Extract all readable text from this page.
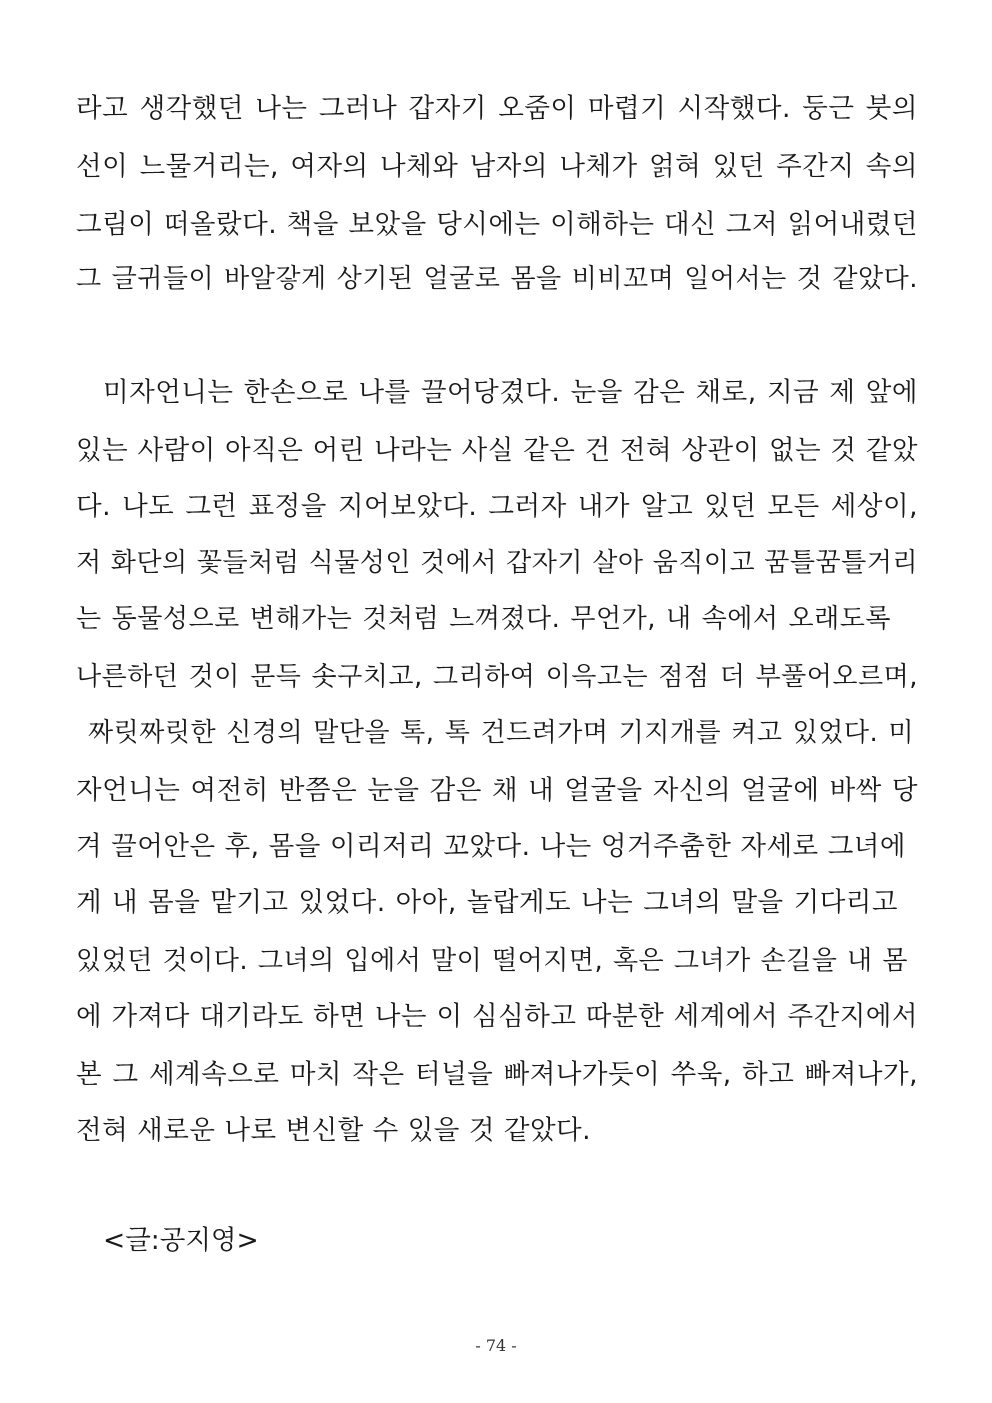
라고 생각했던 나는 그러나 갑자기 오줌이 마렵기 시작했다. 둥근 붓의
선이 느물거리는, 여자의 나체와 남자의 나체가 얽혀 있던 주간지 속의
그림이 떠올랐다. 책을 보았을 당시에는 이해하는 대신 그저 읽어내렸던
그 글귀들이 바알갛게 상기된 얼굴로 몸을 비비꼬며 일어서는 것 같았다.
미자언니는 한손으로 나를 끌어당겼다. 눈을 감은 채로, 지금 제 앞에
있는 사람이 아직은 어린 나라는 사실 같은 건 전혀 상관이 없는 것 같았
다. 나도 그런 표정을 지어보았다. 그러자 내가 알고 있던 모든 세상이,
저 화단의 꽃들처럼 식물성인 것에서 갑자기 살아 움직이고 꿈틀꿈틀거리
는 동물성으로 변해가는 것처럼 느껴졌다. 무언가, 내 속에서 오래도록
나른하던 것이 문득 솟구치고, 그리하여 이윽고는 점점 더 부풀어오르며,
짜릿짜릿한 신경의 말단을 톡, 톡 건드려가며 기지개를 켜고 있었다. 미
자언니는 여전히 반쯤은 눈을 감은 채 내 얼굴을 자신의 얼굴에 바싹 당
겨 끌어안은 후, 몸을 이리저리 꼬았다. 나는 엉거주춤한 자세로 그녀에
게 내 몸을 맡기고 있었다. 아아, 놀랍게도 나는 그녀의 말을 기다리고
있었던 것이다. 그녀의 입에서 말이 떨어지면, 혹은 그녀가 손길을 내 몸
에 가져다 대기라도 하면 나는 이 심심하고 따분한 세계에서 주간지에서
본 그 세계속으로 마치 작은 터널을 빠져나가듯이 쑤욱, 하고 빠져나가,
전혀 새로운 나로 변신할 수 있을 것 같았다.
<글:공지영>
- 74 -
